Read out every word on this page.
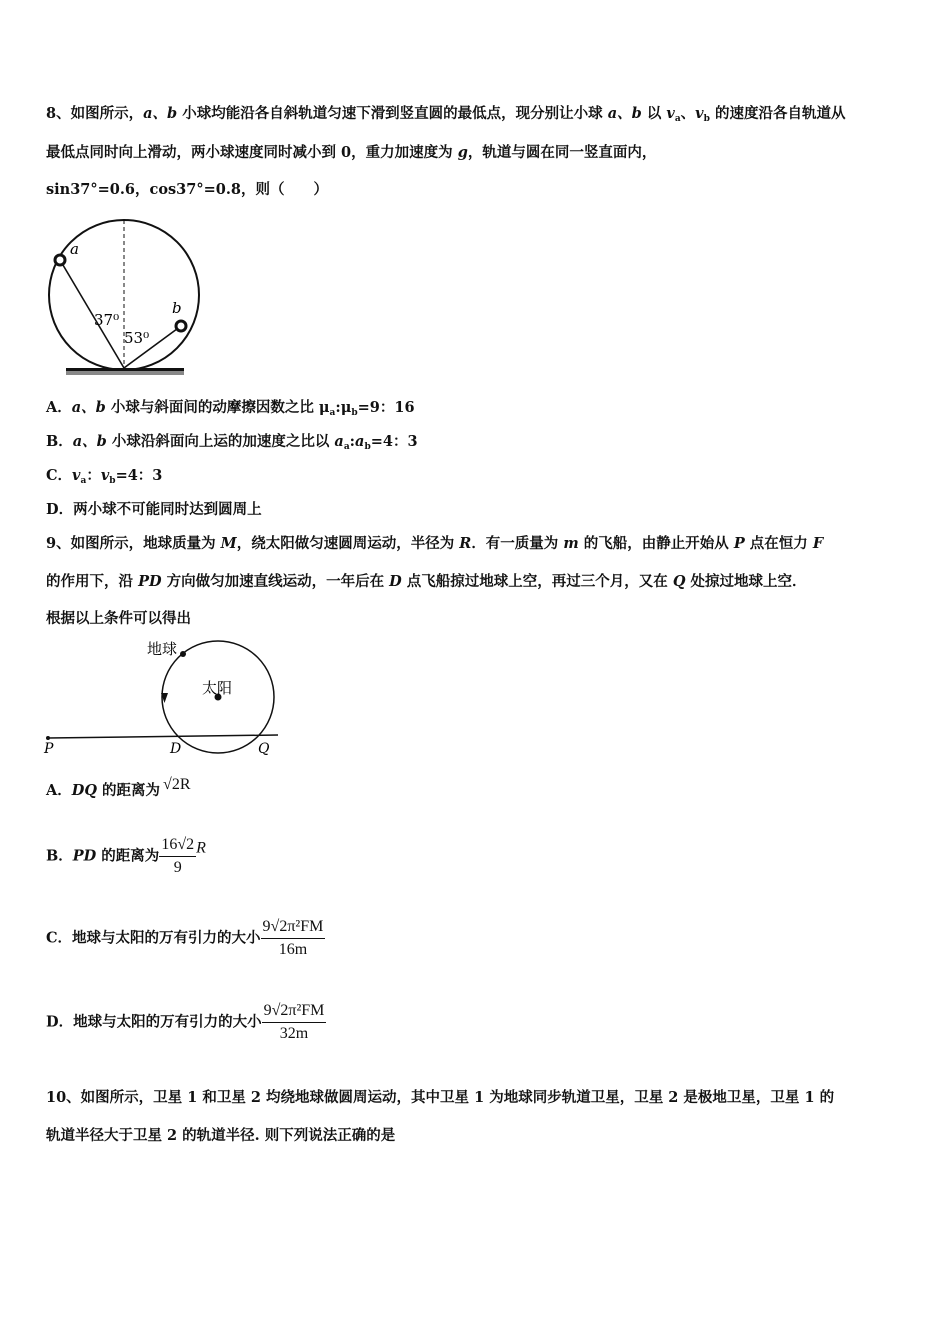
8、如图所示，a、b 小球均能沿各自斜轨道匀速下滑到竖直圆的最低点，现分别让小球 a、b 以 $v_a$、$v_b$ 的速度沿各自轨道从
最低点同时向上滑动，两小球速度同时减小到 0，重力加速度为 g，轨道与圆在同一竖直面内，
sin37°=0.6，cos37°=0.8，则（　　）
a
b
37⁰
53⁰
A．a、b 小球与斜面间的动摩擦因数之比 $\mu_a:\mu_b=9$：16
B．a、b 小球沿斜面向上运的加速度之比以 $a_a:a_b=4$：3
C．$v_a$：$v_b=4$：3
D．两小球不可能同时达到圆周上
9、如图所示，地球质量为 M，绕太阳做匀速圆周运动，半径为 R．有一质量为 m 的飞船，由静止开始从 P 点在恒力 F
的作用下，沿 PD 方向做匀加速直线运动，一年后在 D 点飞船掠过地球上空，再过三个月，又在 Q 处掠过地球上空．
根据以上条件可以得出
地球
太阳
P	D	Q
A．DQ 的距离为 √2R
B．PD 的距离为 $\frac{16√2}{9}$ R
C．地球与太阳的万有引力的大小 $\frac{\text{9√2π²FM}}{16m}$
D．地球与太阳的万有引力的大小 $\frac{\text{9√2π²FM}}{32m}$
10、如图所示，卫星 1 和卫星 2 均绕地球做圆周运动，其中卫星 1 为地球同步轨道卫星，卫星 2 是极地卫星，卫星 1 的
轨道半径大于卫星 2 的轨道半径. 则下列说法正确的是
